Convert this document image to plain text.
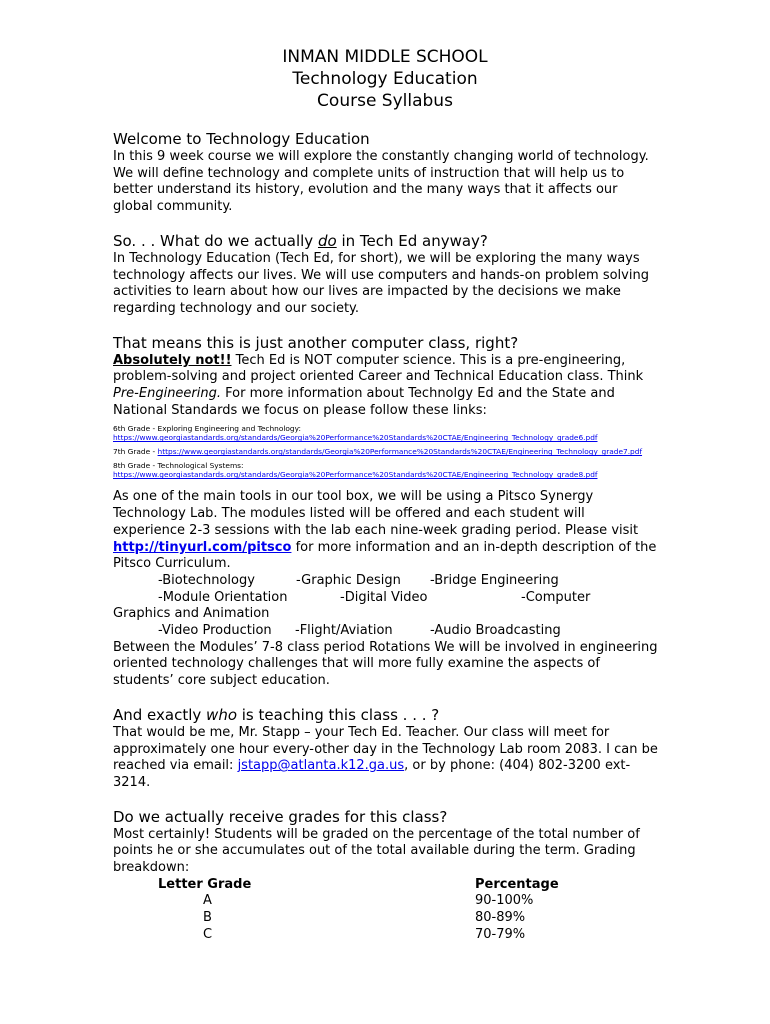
INMAN MIDDLE SCHOOL
Technology Education
Course Syllabus

Welcome to Technology Education

In this 9 week course we will explore the constantly changing world of technology. We will define technology and complete units of instruction that will help us to better understand its history, evolution and the many ways that it affects our global community.

So. . . What do we actually do in Tech Ed anyway?

In Technology Education (Tech Ed, for short), we will be exploring the many ways technology affects our lives. We will use computers and hands-on problem solving activities to learn about how our lives are impacted by the decisions we make regarding technology and our society.

That means this is just another computer class, right?

Absolutely not!! Tech Ed is NOT computer science. This is a pre-engineering, problem-solving and project oriented Career and Technical Education class. Think Pre-Engineering. For more information about Technolgy Ed and the State and National Standards we focus on please follow these links:

6th Grade - Exploring Engineering and Technology: https://www.georgiastandards.org/standards/Georgia%20Performance%20Standards%20CTAE/Engineering_Technology_grade6.pdf

7th Grade - https://www.georgiastandards.org/standards/Georgia%20Performance%20Standards%20CTAE/Engineering_Technology_grade7.pdf

8th Grade - Technological Systems: https://www.georgiastandards.org/standards/Georgia%20Performance%20Standards%20CTAE/Engineering_Technology_grade8.pdf

As one of the main tools in our tool box, we will be using a Pitsco Synergy Technology Lab. The modules listed will be offered and each student will experience 2-3 sessions with the lab each nine-week grading period. Please visit http://tinyurl.com/pitsco for more information and an in-depth description of the Pitsco Curriculum.

-Biotechnology	-Graphic Design -Bridge Engineering
-Module Orientation	-Digital Video	-Computer

Graphics and Animation

-Video Production -Flight/Aviation	-Audio Broadcasting

Between the Modules’ 7-8 class period Rotations We will be involved in engineering oriented technology challenges that will more fully examine the aspects of students’ core subject education.

And exactly who is teaching this class . . . ?

That would be me, Mr. Stapp – your Tech Ed. Teacher. Our class will meet for approximately one hour every-other day in the Technology Lab room 2083. I can be reached via email: jstapp@atlanta.k12.ga.us, or by phone: (404) 802-3200 ext-3214.

Do we actually receive grades for this class?

Most certainly! Students will be graded on the percentage of the total number of points he or she accumulates out of the total available during the term. Grading breakdown:

Letter Grade	Percentage
A	90-100%
B	80-89%
C	70-79%
